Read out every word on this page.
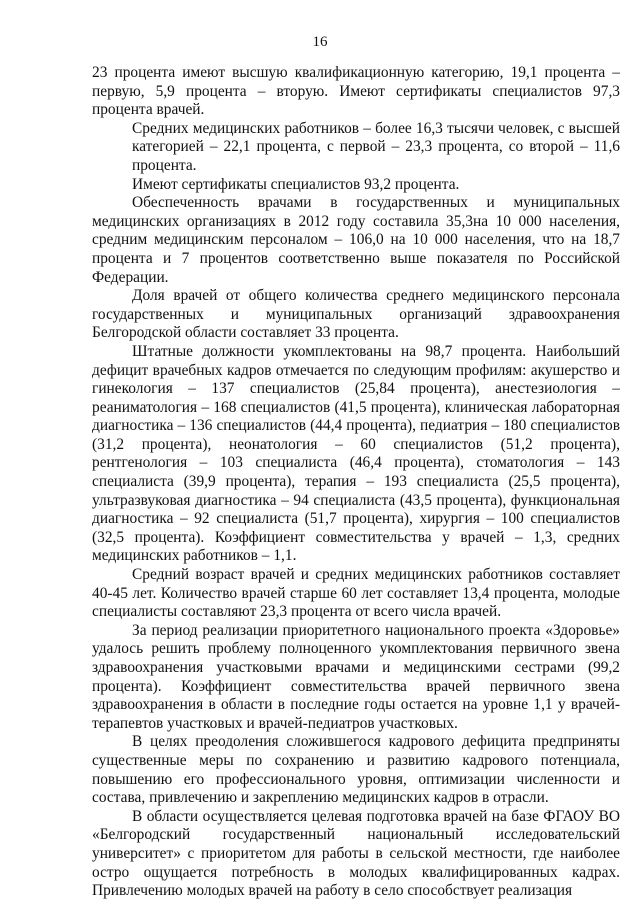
16

23 процента имеют высшую квалификационную категорию, 19,1 процента – первую, 5,9 процента – вторую. Имеют сертификаты специалистов 97,3 процента врачей.

Средних медицинских работников – более 16,3 тысячи человек, с высшей категорией – 22,1 процента, с первой – 23,3 процента, со второй – 11,6 процента.

Имеют сертификаты специалистов 93,2 процента.

Обеспеченность врачами в государственных и муниципальных медицинских организациях в 2012 году составила 35,3на 10 000 населения, средним медицинским персоналом – 106,0 на 10 000 населения, что на 18,7 процента и 7 процентов соответственно выше показателя по Российской Федерации.

Доля врачей от общего количества среднего медицинского персонала государственных и муниципальных организаций здравоохранения Белгородской области составляет 33 процента.

Штатные должности укомплектованы на 98,7 процента. Наибольший дефицит врачебных кадров отмечается по следующим профилям: акушерство и гинекология – 137 специалистов (25,84 процента), анестезиология – реаниматология – 168 специалистов (41,5 процента), клиническая лабораторная диагностика – 136 специалистов (44,4 процента), педиатрия – 180 специалистов (31,2 процента), неонатология – 60 специалистов (51,2 процента), рентгенология – 103 специалиста (46,4 процента), стоматология – 143 специалиста (39,9 процента), терапия – 193 специалиста (25,5 процента), ультразвуковая диагностика – 94 специалиста (43,5 процента), функциональная диагностика – 92 специалиста (51,7 процента), хирургия – 100 специалистов (32,5 процента). Коэффициент совместительства у врачей – 1,3, средних медицинских работников – 1,1.

Средний возраст врачей и средних медицинских работников составляет 40-45 лет. Количество врачей старше 60 лет составляет 13,4 процента, молодые специалисты составляют 23,3 процента от всего числа врачей.

За период реализации приоритетного национального проекта «Здоровье» удалось решить проблему полноценного укомплектования первичного звена здравоохранения участковыми врачами и медицинскими сестрами (99,2 процента). Коэффициент совместительства врачей первичного звена здравоохранения в области в последние годы остается на уровне 1,1 у врачей-терапевтов участковых и врачей-педиатров участковых.

В целях преодоления сложившегося кадрового дефицита предприняты существенные меры по сохранению и развитию кадрового потенциала, повышению его профессионального уровня, оптимизации численности и состава, привлечению и закреплению медицинских кадров в отрасли.

В области осуществляется целевая подготовка врачей на базе ФГАОУ ВО «Белгородский государственный национальный исследовательский университет» с приоритетом для работы в сельской местности, где наиболее остро ощущается потребность в молодых квалифицированных кадрах. Привлечению молодых врачей на работу в село способствует реализация
